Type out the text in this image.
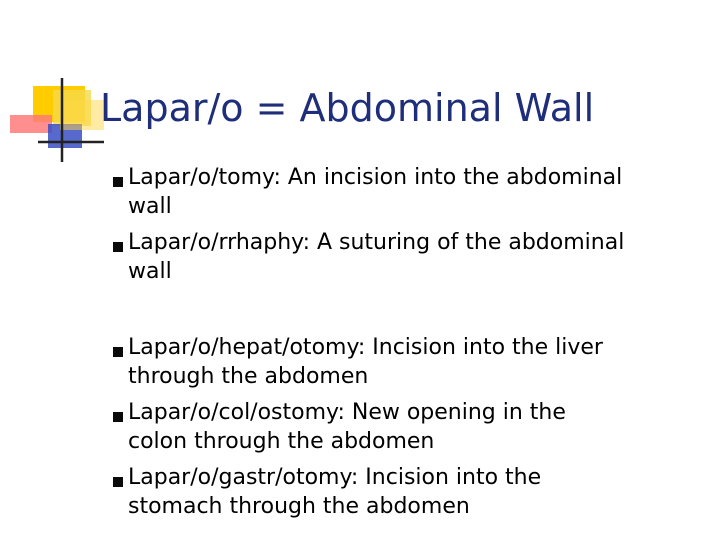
Lapar/o = Abdominal Wall
Lapar/o/tomy: An incision into the abdominal
wall
Lapar/o/rrhaphy: A suturing of the abdominal
wall
Lapar/o/hepat/otomy: Incision into the liver
through the abdomen
Lapar/o/col/ostomy: New opening in the
colon through the abdomen
Lapar/o/gastr/otomy: Incision into the
stomach through the abdomen
